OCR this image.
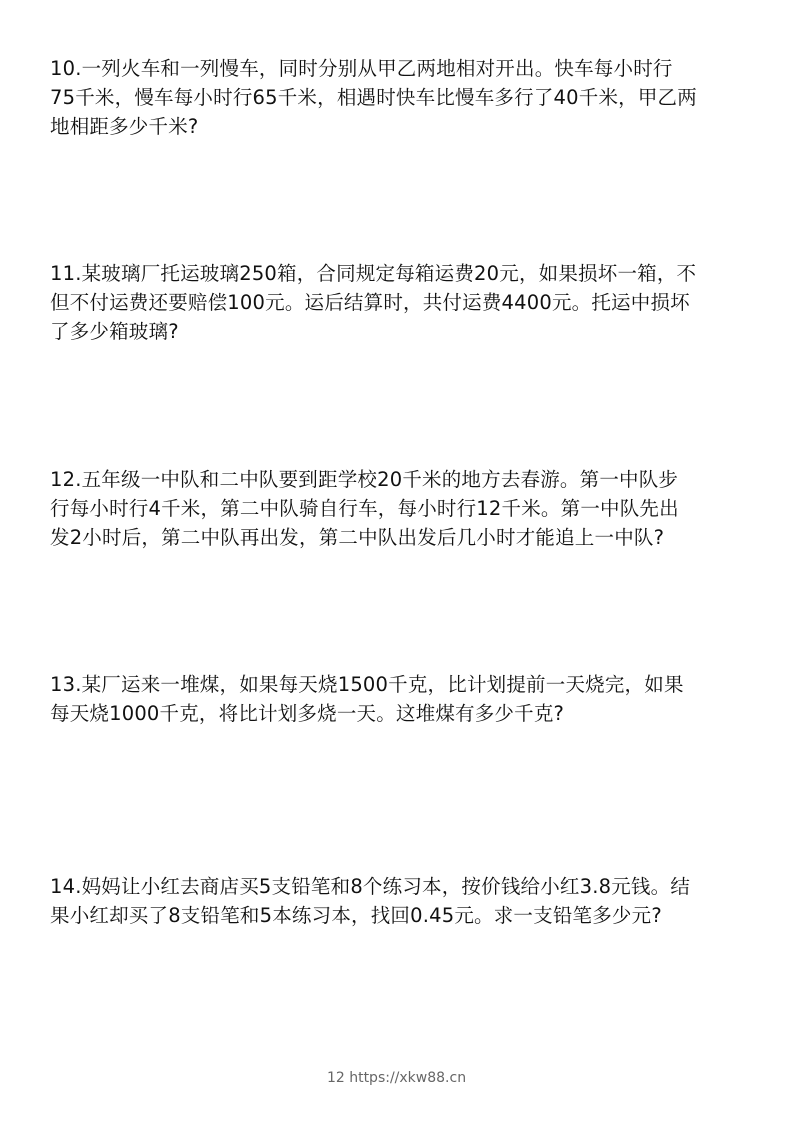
10.一列火车和一列慢车，同时分别从甲乙两地相对开出。快车每小时行
75千米，慢车每小时行65千米，相遇时快车比慢车多行了40千米，甲乙两
地相距多少千米?
11.某玻璃厂托运玻璃250箱，合同规定每箱运费20元，如果损坏一箱，不
但不付运费还要赔偿100元。运后结算时，共付运费4400元。托运中损坏
了多少箱玻璃?
12.五年级一中队和二中队要到距学校20千米的地方去春游。第一中队步
行每小时行4千米，第二中队骑自行车，每小时行12千米。第一中队先出
发2小时后，第二中队再出发，第二中队出发后几小时才能追上一中队?
13.某厂运来一堆煤，如果每天烧1500千克，比计划提前一天烧完，如果
每天烧1000千克，将比计划多烧一天。这堆煤有多少千克?
14.妈妈让小红去商店买5支铅笔和8个练习本，按价钱给小红3.8元钱。结
果小红却买了8支铅笔和5本练习本，找回0.45元。求一支铅笔多少元?
12 https://xkw88.cn
